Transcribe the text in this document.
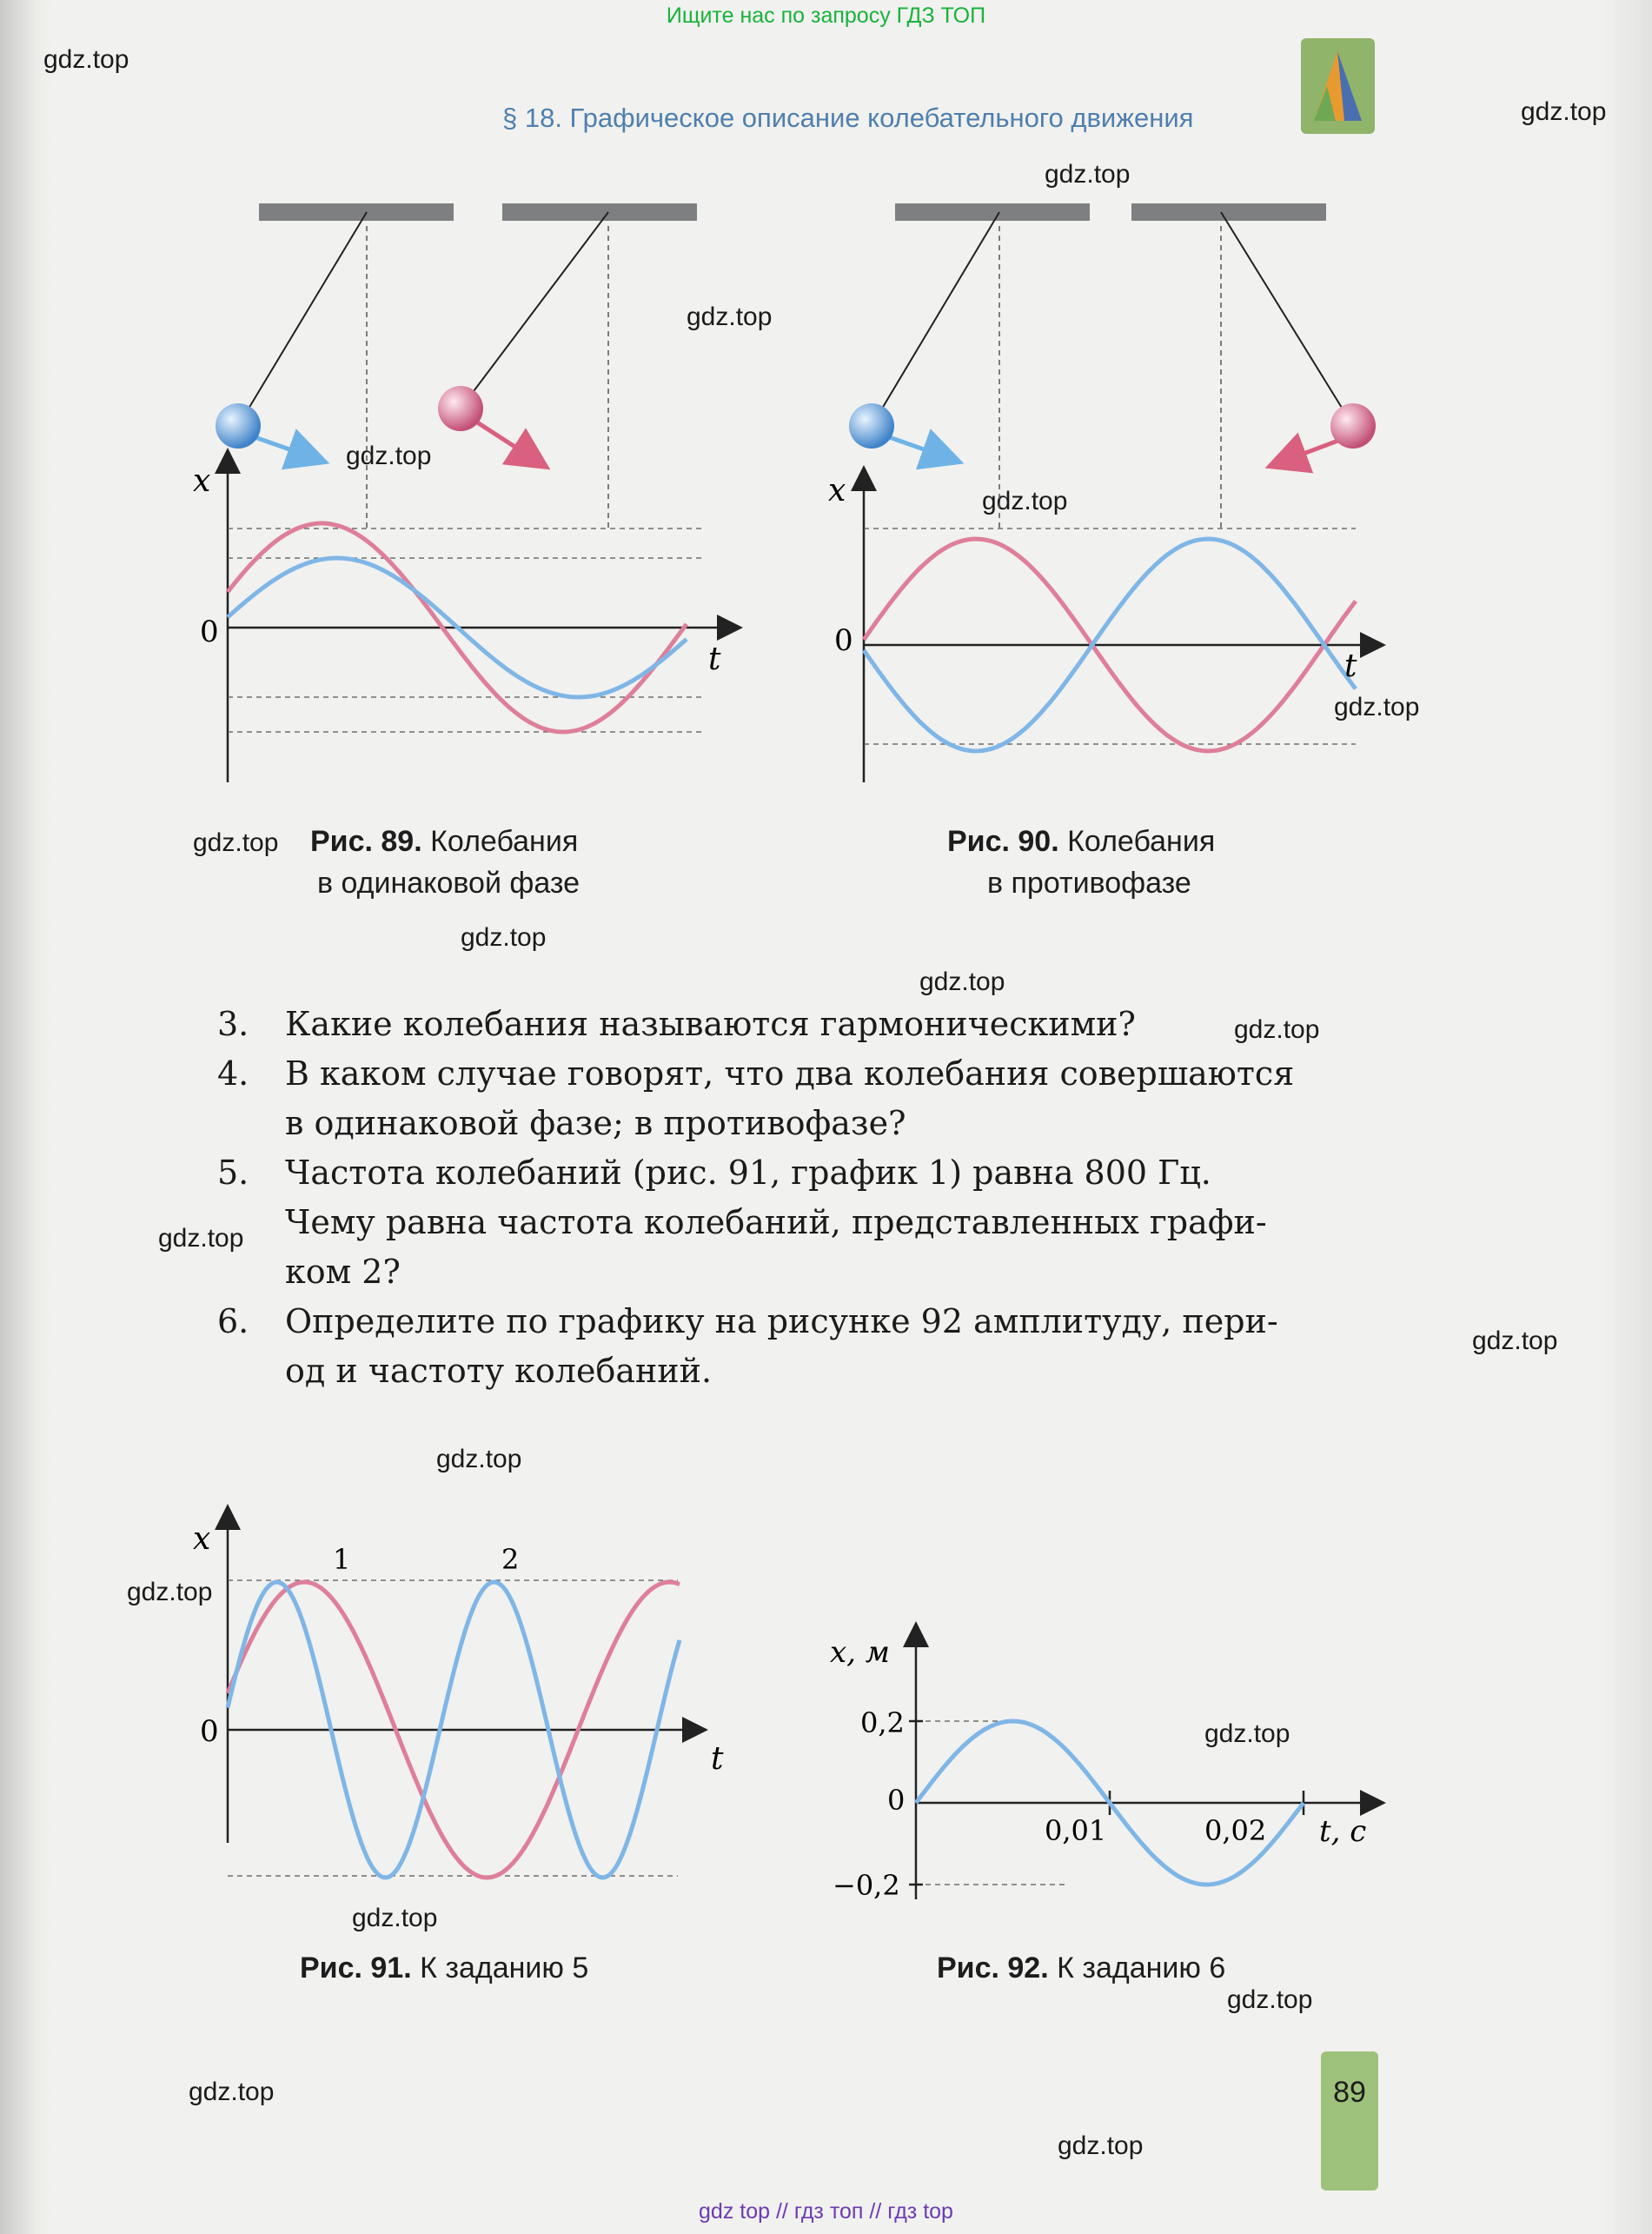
Ищите нас по запросу ГДЗ ТОП
gdz.top
gdz.top
gdz.top
gdz.top
gdz.top
gdz.top
gdz.top
gdz.top
gdz.top
gdz.top
gdz.top
gdz.top
gdz.top
gdz.top
gdz.top
gdz.top
gdz.top
gdz.top
gdz.top
gdz.top
§ 18. Графическое описание колебательного движения
x
0
t
x
0
t
x
0
t
1	2
x, м
0,2
0
−0,2
0,01	0,02 t, c
Рис. 89. Колебания
в одинаковой фазе
Рис. 90. Колебания
в противофазе
3. Какие колебания называются гармоническими?
4. В каком случае говорят, что два колебания совершаются
в одинаковой фазе; в противофазе?
5. Частота колебаний (рис. 91, график 1) равна 800 Гц.
Чему равна частота колебаний, представленных графи-
ком 2?
6. Определите по графику на рисунке 92 амплитуду, пери-
од и частоту колебаний.
Рис. 91. К заданию 5	Рис. 92. К заданию 6
89
gdz top // гдз топ // гдз top
